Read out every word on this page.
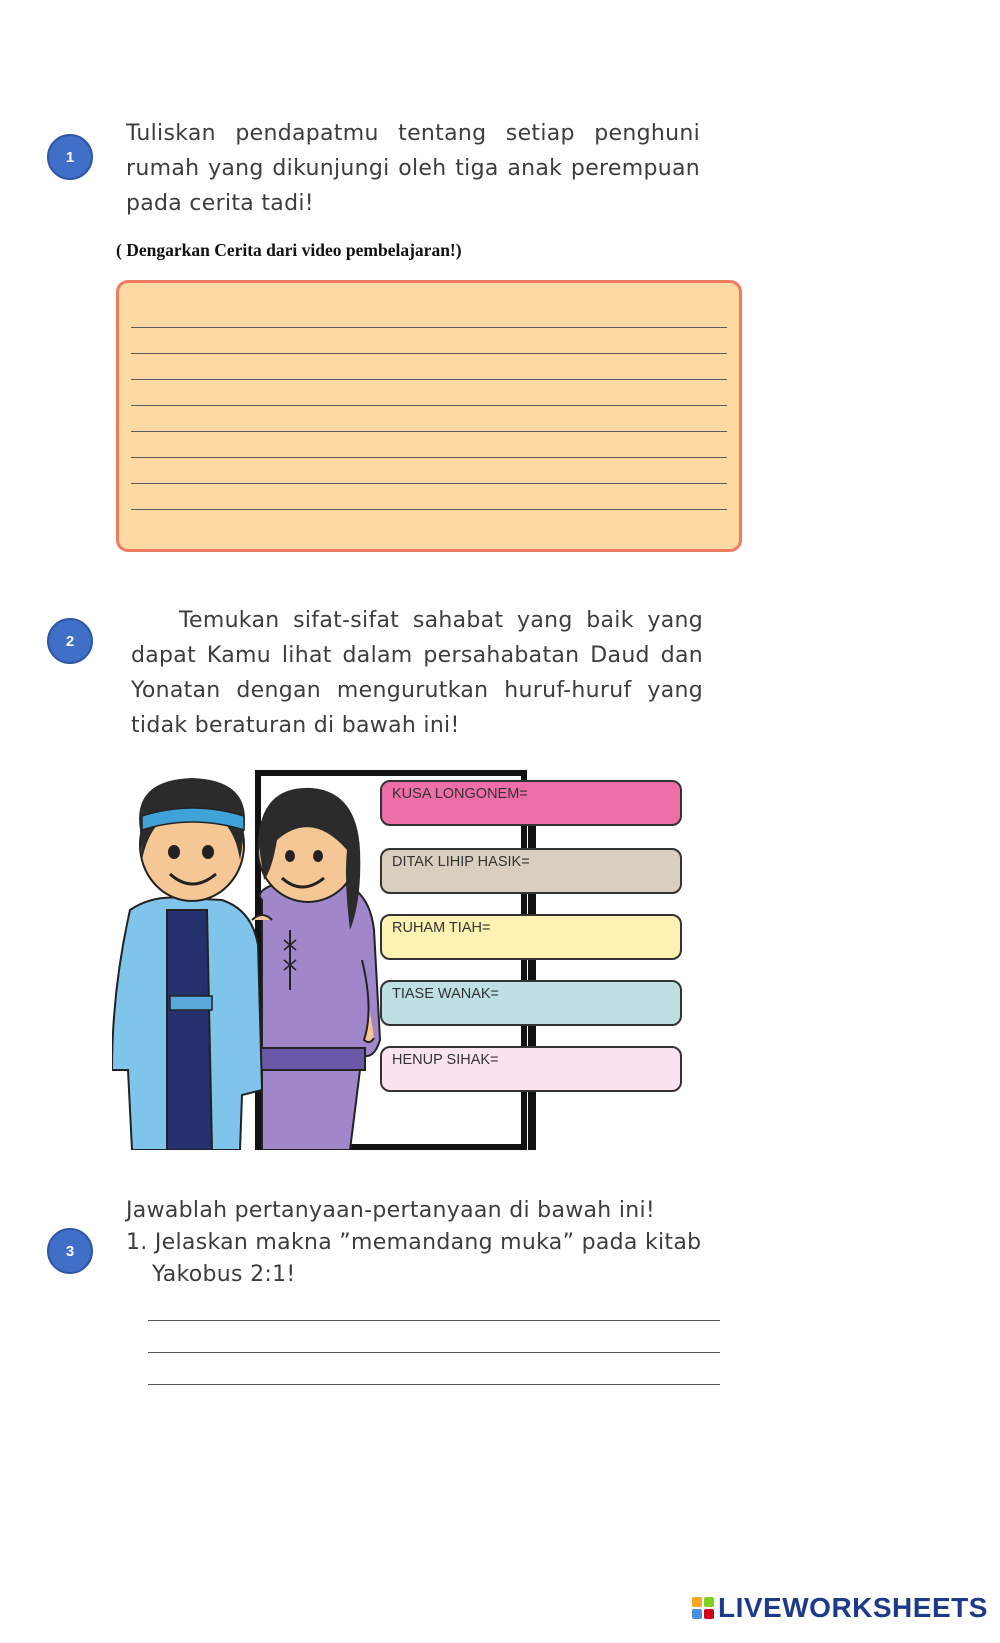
1
Tuliskan pendapatmu tentang setiap penghuni rumah yang dikunjungi oleh tiga anak perempuan pada cerita tadi!
( Dengarkan Cerita dari video pembelajaran!)
2
Temukan sifat-sifat sahabat yang baik yang dapat Kamu lihat dalam persahabatan Daud dan Yonatan dengan mengurutkan huruf-huruf yang tidak beraturan di bawah ini!
KUSA LONGONEM=
DITAK LIHIP HASIK=
RUHAM TIAH=
TIASE WANAK=
HENUP SIHAK=
3
Jawablah pertanyaan-pertanyaan di bawah ini!
1. Jelaskan makna ”memandang muka” pada kitab
Yakobus 2:1!
LIVEWORKSHEETS
